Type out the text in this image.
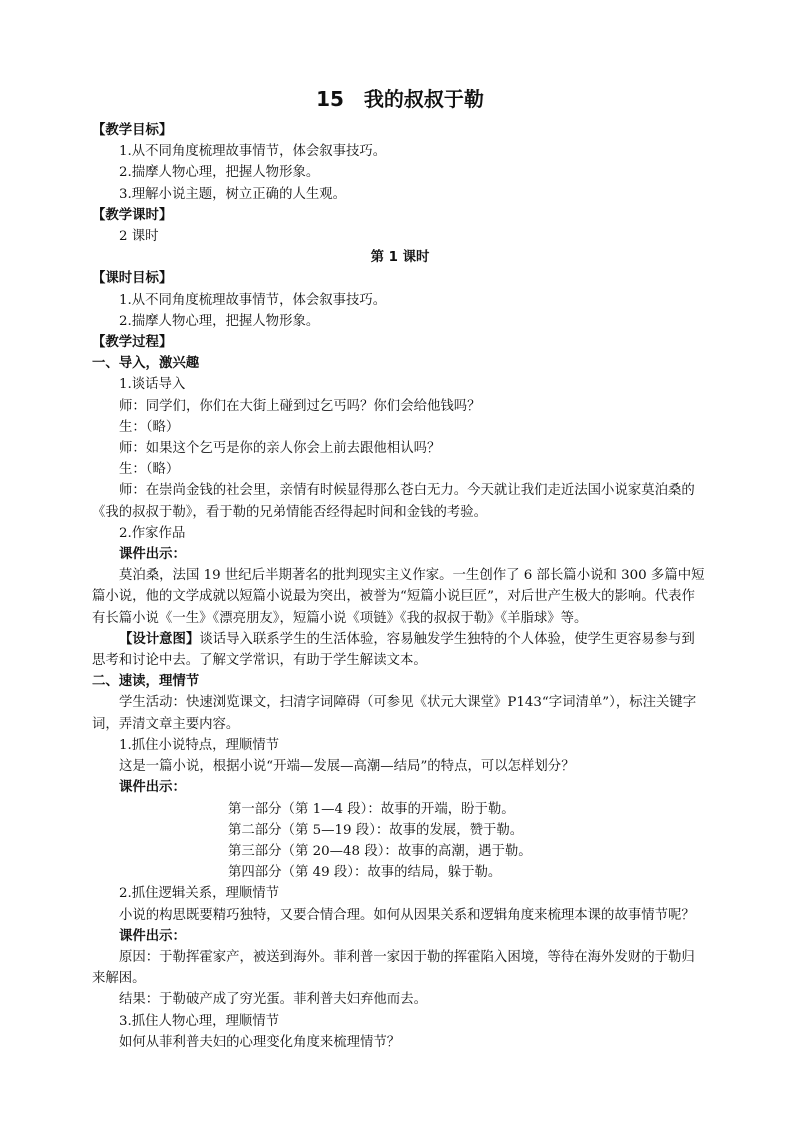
15　我的叔叔于勒

【教学目标】

1.从不同角度梳理故事情节，体会叙事技巧。

2.揣摩人物心理，把握人物形象。

3.理解小说主题，树立正确的人生观。

【教学课时】

2 课时

第 1 课时

【课时目标】

1.从不同角度梳理故事情节，体会叙事技巧。

2.揣摩人物心理，把握人物形象。

【教学过程】

一、导入，激兴趣

1.谈话导入

师：同学们，你们在大街上碰到过乞丐吗？你们会给他钱吗？

生：（略）

师：如果这个乞丐是你的亲人你会上前去跟他相认吗？

生：（略）

师：在崇尚金钱的社会里，亲情有时候显得那么苍白无力。今天就让我们走近法国小说家莫泊桑的《我的叔叔于勒》，看于勒的兄弟情能否经得起时间和金钱的考验。

2.作家作品

课件出示：

莫泊桑，法国 19 世纪后半期著名的批判现实主义作家。一生创作了 6 部长篇小说和 300 多篇中短篇小说，他的文学成就以短篇小说最为突出，被誉为“短篇小说巨匠”，对后世产生极大的影响。代表作有长篇小说《一生》《漂亮朋友》，短篇小说《项链》《我的叔叔于勒》《羊脂球》等。

【设计意图】谈话导入联系学生的生活体验，容易触发学生独特的个人体验，使学生更容易参与到思考和讨论中去。了解文学常识，有助于学生解读文本。

二、速读，理情节

学生活动：快速浏览课文，扫清字词障碍（可参见《状元大课堂》P143“字词清单”），标注关键字词，弄清文章主要内容。

1.抓住小说特点，理顺情节

这是一篇小说，根据小说“开端—发展—高潮—结局”的特点，可以怎样划分？

课件出示：

第一部分（第 1—4 段）：故事的开端，盼于勒。

第二部分（第 5—19 段）：故事的发展，赞于勒。

第三部分（第 20—48 段）：故事的高潮，遇于勒。

第四部分（第 49 段）：故事的结局，躲于勒。

2.抓住逻辑关系，理顺情节

小说的构思既要精巧独特，又要合情合理。如何从因果关系和逻辑角度来梳理本课的故事情节呢？

课件出示：

原因：于勒挥霍家产，被送到海外。菲利普一家因于勒的挥霍陷入困境，等待在海外发财的于勒归来解困。

结果：于勒破产成了穷光蛋。菲利普夫妇弃他而去。

3.抓住人物心理，理顺情节

如何从菲利普夫妇的心理变化角度来梳理情节？
